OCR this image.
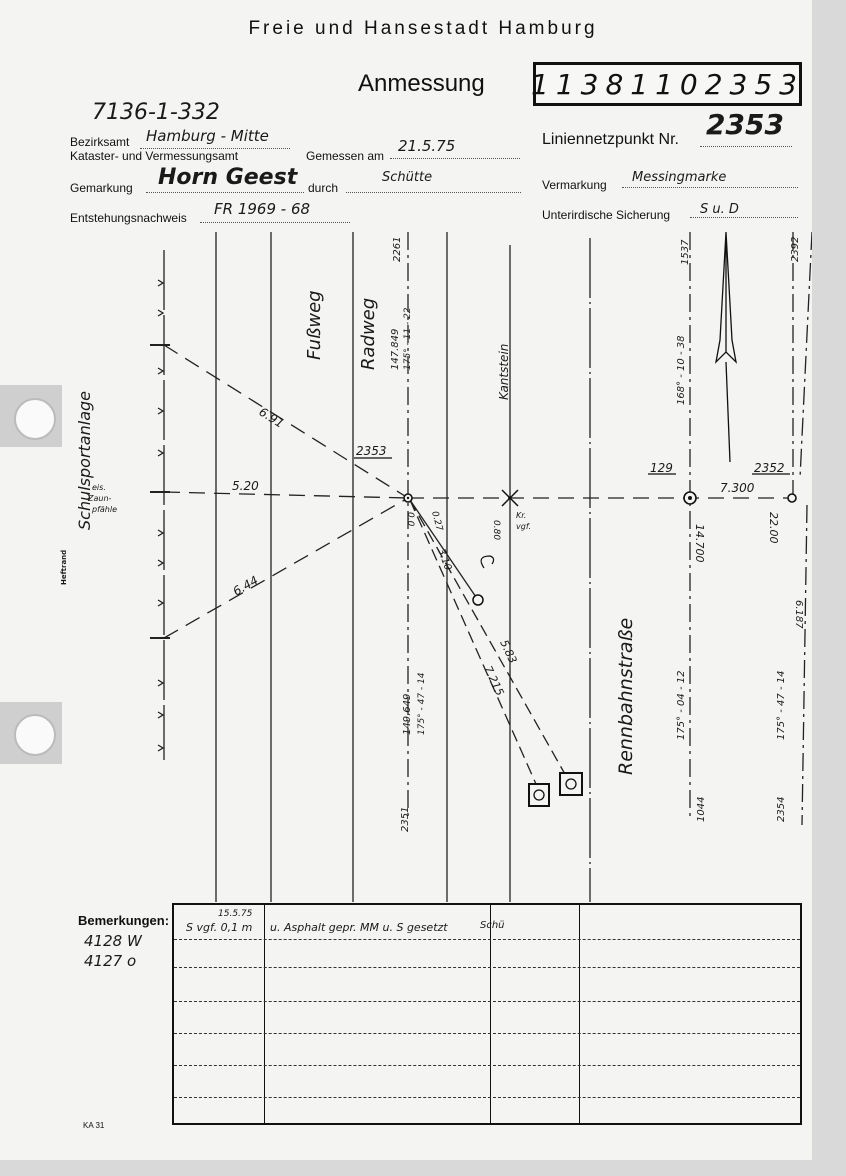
Freie und Hansestadt Hamburg
Anmessung 11381102353
7136-1-332
Bezirksamt Hamburg - Mitte
Kataster- und Vermessungsamt	Gemessen am
21.5.75
Gemarkung Horn Geest durch
Schütte
Entstehungsnachweis FR 1969 - 68
Liniennetzpunkt Nr. 2353
Vermarkung Messingmarke
Unterirdische Sicherung S u. D
Schulsportanlage
eis.
Zaun-
pfähle
Heftrand
Fußweg Radweg
Kantstein
Rennbahnstraße
Kr.
vgf.
2261
2351
2353
1537
1044
2392
2354
129	2352
6.91
5.20
6.44
7.300
14.700	22.00
0.0 0.27	0.80
3.10
5.83
7.215
6.187
147.849 175° - 11 - 22
149.649 175° - 47 - 14
168° - 10 - 38
175° - 04 - 12	175° - 47 - 14
Bemerkungen:
4128 W
4127 o
15.5.75
S vgf. 0,1 m u. Asphalt gepr. MM u. S gesetzt	Schü
KA 31
